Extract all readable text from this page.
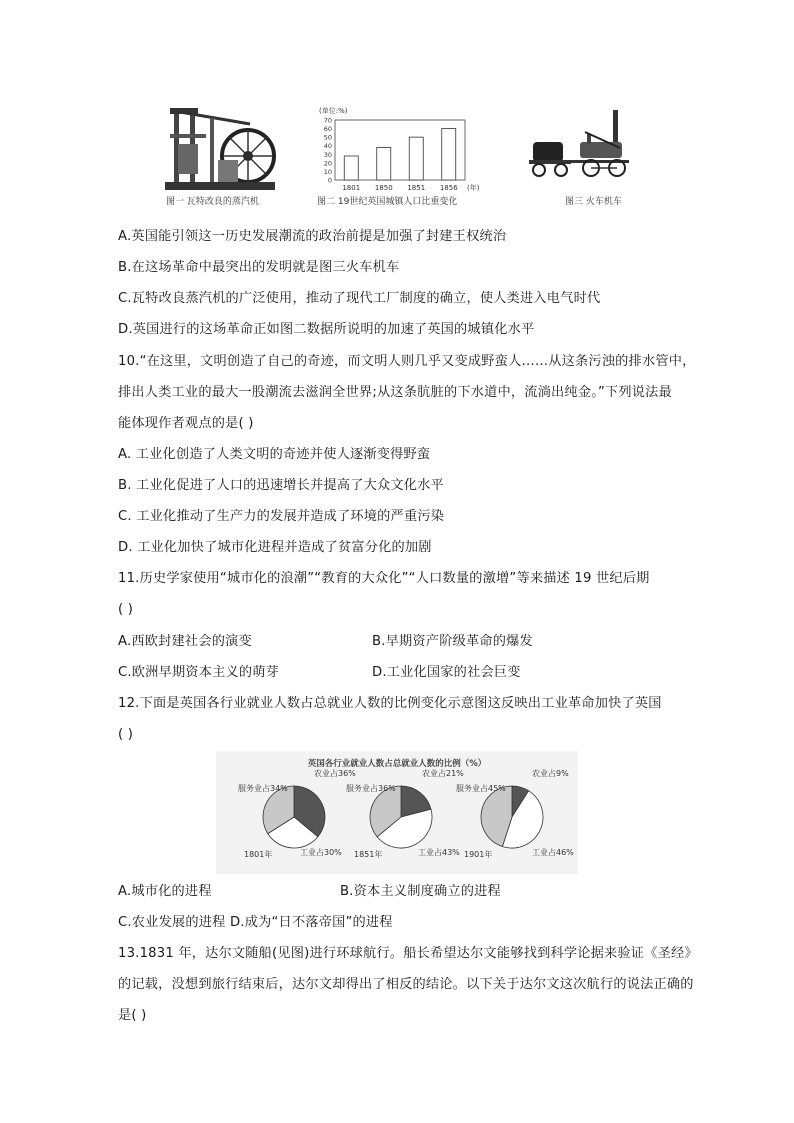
图一 瓦特改良的蒸汽机
(单位:%)
70
60
50
40
30
20
10
0
1801 1850 1851 1856 (年)
图二 19世纪英国城镇人口比重变化	图三 火车机车
A.英国能引领这一历史发展潮流的政治前提是加强了封建王权统治
B.在这场革命中最突出的发明就是图三火车机车
C.瓦特改良蒸汽机的广泛使用，推动了现代工厂制度的确立，使人类进入电气时代
D.英国进行的这场革命正如图二数据所说明的加速了英国的城镇化水平
10.“在这里，文明创造了自己的奇迹，而文明人则几乎又变成野蛮人……从这条污浊的排水管中，
排出人类工业的最大一股潮流去滋润全世界;从这条肮脏的下水道中，流淌出纯金。”下列说法最
能体现作者观点的是( )
A. 工业化创造了人类文明的奇迹并使人逐渐变得野蛮
B. 工业化促进了人口的迅速增长并提高了大众文化水平
C. 工业化推动了生产力的发展并造成了环境的严重污染
D. 工业化加快了城市化进程并造成了贫富分化的加剧
11.历史学家使用“城市化的浪潮”“教育的大众化”“人口数量的激增”等来描述 19 世纪后期
( )
A.西欧封建社会的演变	B.早期资产阶级革命的爆发
C.欧洲早期资本主义的萌芽	D.工业化国家的社会巨变
12.下面是英国各行业就业人数占总就业人数的比例变化示意图这反映出工业革命加快了英国
( )
英国各行业就业人数占总就业人数的比例（%）
农业占36%
工业占30%
服务业占34%
1801年
农业占21%
工业占43%
服务业占36%
1851年
农业占9%
工业占46%
服务业占45%
1901年
A.城市化的进程	B.资本主义制度确立的进程
C.农业发展的进程 D.成为“日不落帝国”的进程
13.1831 年，达尔文随船(见图)进行环球航行。船长希望达尔文能够找到科学论据来验证《圣经》
的记载，没想到旅行结束后，达尔文却得出了相反的结论。以下关于达尔文这次航行的说法正确的
是( )
